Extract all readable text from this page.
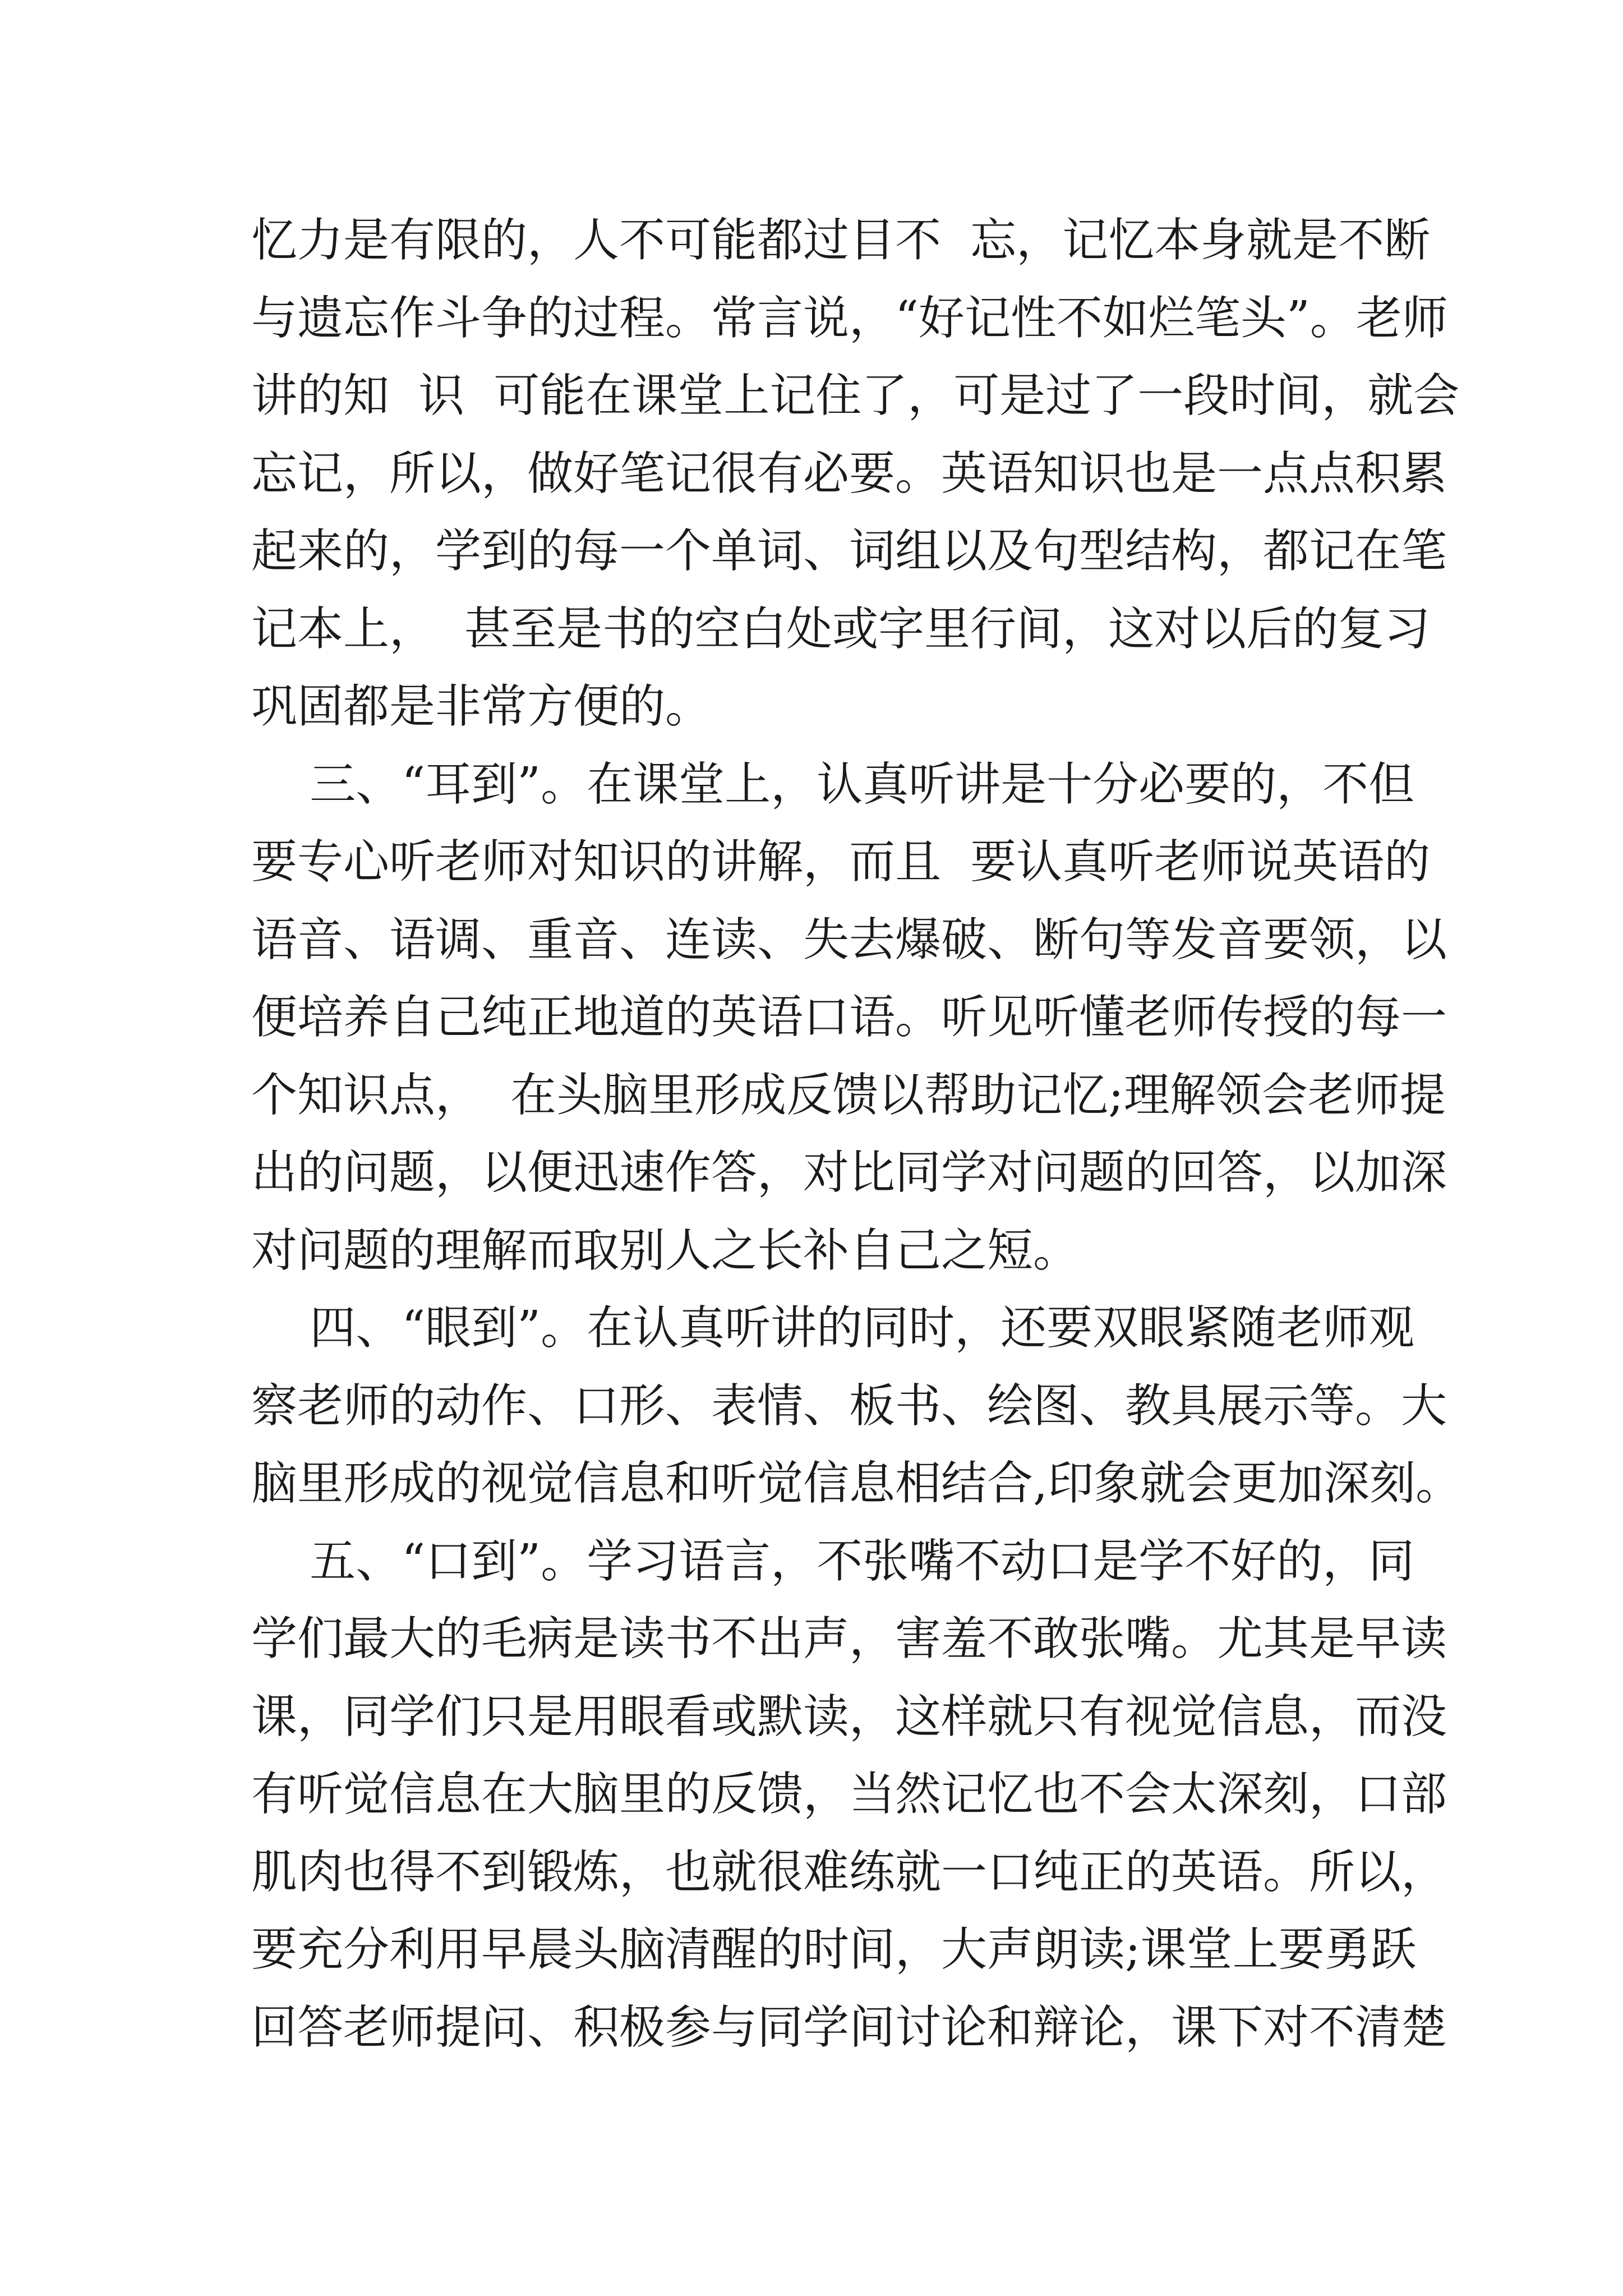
忆力是有限的，人不可能都过目不  忘，记忆本身就是不断
与遗忘作斗争的过程。常言说，“好记性不如烂笔头”。老师
讲的知  识  可能在课堂上记住了，可是过了一段时间，就会
忘记，所以，做好笔记很有必要。英语知识也是一点点积累
起来的，学到的每一个单词、词组以及句型结构，都记在笔
记本上，  甚至是书的空白处或字里行间，这对以后的复习
巩固都是非常方便的。
三、“耳到”。在课堂上，认真听讲是十分必要的，不但
要专心听老师对知识的讲解，而且  要认真听老师说英语的
语音、语调、重音、连读、失去爆破、断句等发音要领，以
便培养自己纯正地道的英语口语。听见听懂老师传授的每一
个知识点，  在头脑里形成反馈以帮助记忆;理解领会老师提
出的问题，以便迅速作答，对比同学对问题的回答，以加深
对问题的理解而取别人之长补自己之短。
四、“眼到”。在认真听讲的同时，还要双眼紧随老师观
察老师的动作、口形、表情、板书、绘图、教具展示等。大
脑里形成的视觉信息和听觉信息相结合,印象就会更加深刻。
五、“口到”。学习语言，不张嘴不动口是学不好的，同
学们最大的毛病是读书不出声，害羞不敢张嘴。尤其是早读
课，同学们只是用眼看或默读，这样就只有视觉信息，而没
有听觉信息在大脑里的反馈，当然记忆也不会太深刻，口部
肌肉也得不到锻炼，也就很难练就一口纯正的英语。所以，
要充分利用早晨头脑清醒的时间，大声朗读;课堂上要勇跃
回答老师提问、积极参与同学间讨论和辩论，课下对不清楚
